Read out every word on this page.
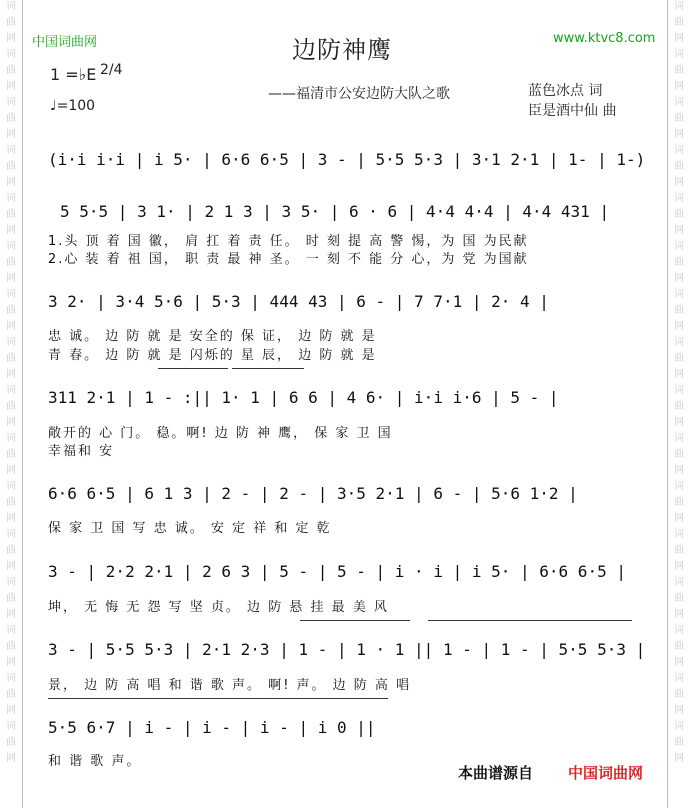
词
曲
网
词
曲
网
词
曲
网
词
曲
网
词
曲
网
词
曲
网
词
曲
网
词
曲
网
词
曲
网
词
曲
网
词
曲
网
词
曲
网
词
曲
网
词
曲
网
词
曲
网
词
曲
网
词
曲
网
词
曲
网
词
曲
网
词
曲
网
词
曲
网
词
曲
网
词
曲
网
词
曲
网
词
曲
网
词
曲
网
词
曲
网
词
曲
网
词
曲
网
词
曲
网
词
曲
网
词
曲
网
中国词曲网	边防神鹰	www.ktvc8.com
1 =♭E 2/4
♩=100
——福清市公安边防大队之歌	蓝色冰点 词
臣是酒中仙 曲
(i·i i·i | i 5· | 6·6 6·5 | 3 - | 5·5 5·3 | 3·1 2·1 | 1- | 1-)
5 5·5 | 3 1· | 2 1 3 | 3 5· | 6 · 6 | 4·4 4·4 | 4·4 431 |
1.头 顶 着 国 徽， 肩 扛 着 责 任。 时 刻 提 高 警 惕，为 国 为民献
2.心 装 着 祖 国， 职 责 最 神 圣。 一 刻 不 能 分 心，为 党 为国献
3 2· | 3·4 5·6 | 5·3 | 444 43 | 6 - | 7 7·1 | 2· 4 |
忠 诚。 边 防 就 是 安全的 保 证， 边 防 就 是
青 春。 边 防 就 是 闪烁的 星 辰， 边 防 就 是
311 2·1 | 1 - :|| 1· 1 | 6 6 | 4 6· | i·i i·6 | 5 - |
敞开的 心 门。 稳。啊! 边 防 神 鹰， 保 家 卫 国
幸福和 安
6·6 6·5 | 6 1 3 | 2 - | 2 - | 3·5 2·1 | 6 - | 5·6 1·2 |
保 家 卫 国 写 忠 诚。 安 定 祥 和 定 乾
3 - | 2·2 2·1 | 2 6 3 | 5 - | 5 - | i · i | i 5· | 6·6 6·5 |
坤， 无 悔 无 怨 写 坚 贞。 边 防 悬 挂 最 美 风
3 - | 5·5 5·3 | 2·1 2·3 | 1 - | 1 · 1 || 1 - | 1 - | 5·5 5·3 |
景， 边 防 高 唱 和 谐 歌 声。 啊! 声。 边 防 高 唱
5·5 6·7 | i - | i - | i - | i 0 ||
和 谐 歌 声。
本曲谱源自 中国词曲网
